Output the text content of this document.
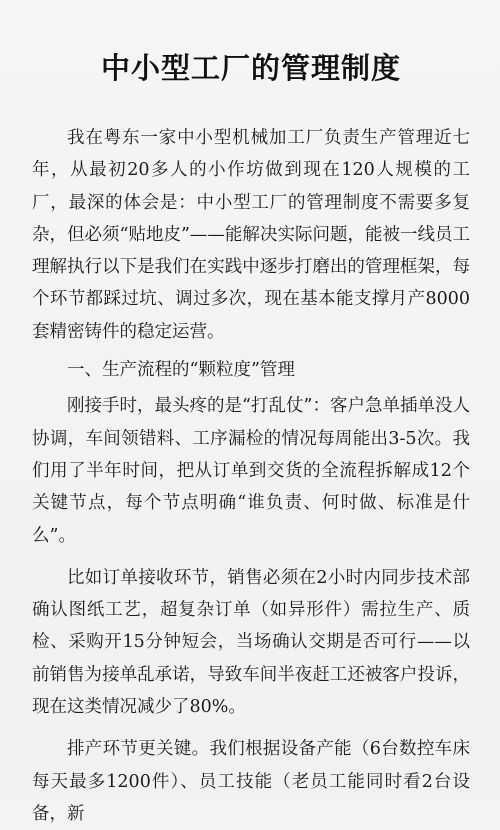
中小型工厂的管理制度

我在粤东一家中小型机械加工厂负责生产管理近七年，从最初20多人的小作坊做到现在120人规模的工厂，最深的体会是：中小型工厂的管理制度不需要多复杂，但必须“贴地皮”——能解决实际问题，能被一线员工理解执行以下是我们在实践中逐步打磨出的管理框架，每个环节都踩过坑、调过多次，现在基本能支撑月产8000套精密铸件的稳定运营。

一、生产流程的“颗粒度”管理

刚接手时，最头疼的是“打乱仗”：客户急单插单没人协调，车间领错料、工序漏检的情况每周能出3-5次。我们用了半年时间，把从订单到交货的全流程拆解成12个关键节点，每个节点明确“谁负责、何时做、标准是什么”。

比如订单接收环节，销售必须在2小时内同步技术部确认图纸工艺，超复杂订单（如异形件）需拉生产、质检、采购开15分钟短会，当场确认交期是否可行——以前销售为接单乱承诺，导致车间半夜赶工还被客户投诉，现在这类情况减少了80%。

排产环节更关键。我们根据设备产能（6台数控车床每天最多1200件）、员工技能（老员工能同时看2台设备，新
